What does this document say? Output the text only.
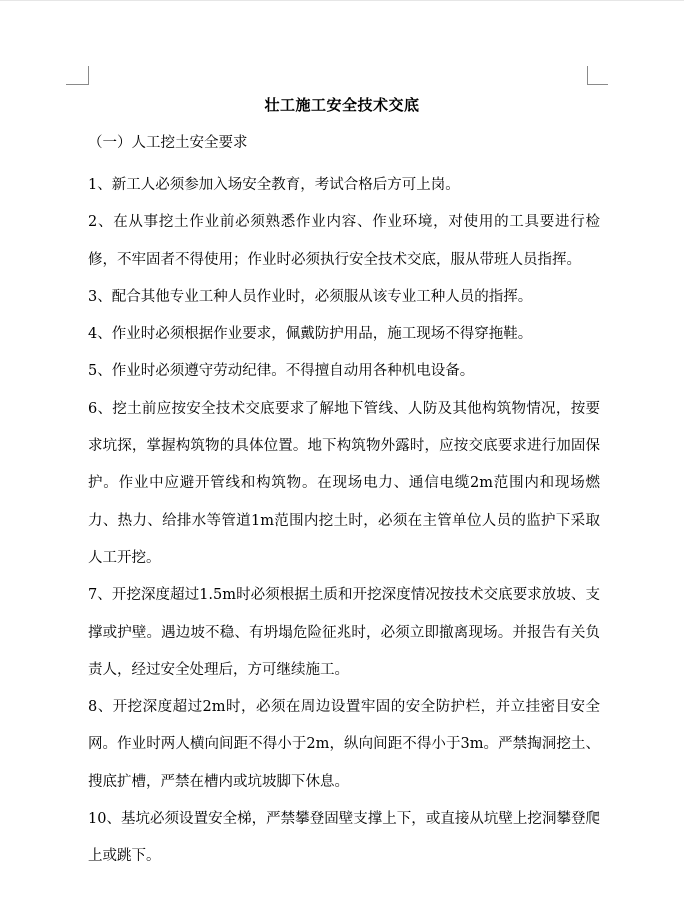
壮工施工安全技术交底

（一）人工挖土安全要求

1、新工人必须参加入场安全教育，考试合格后方可上岗。

2、在从事挖土作业前必须熟悉作业内容、作业环境，对使用的工具要进行检修，不牢固者不得使用；作业时必须执行安全技术交底，服从带班人员指挥。

3、配合其他专业工种人员作业时，必须服从该专业工种人员的指挥。

4、作业时必须根据作业要求，佩戴防护用品，施工现场不得穿拖鞋。

5、作业时必须遵守劳动纪律。不得擅自动用各种机电设备。

6、挖土前应按安全技术交底要求了解地下管线、人防及其他构筑物情况，按要求坑探，掌握构筑物的具体位置。地下构筑物外露时，应按交底要求进行加固保护。作业中应避开管线和构筑物。在现场电力、通信电缆2m范围内和现场燃力、热力、给排水等管道1m范围内挖土时，必须在主管单位人员的监护下采取人工开挖。

7、开挖深度超过1.5m时必须根据土质和开挖深度情况按技术交底要求放坡、支撑或护壁。遇边坡不稳、有坍塌危险征兆时，必须立即撤离现场。并报告有关负责人，经过安全处理后，方可继续施工。

8、开挖深度超过2m时，必须在周边设置牢固的安全防护栏，并立挂密目安全网。作业时两人横向间距不得小于2m，纵向间距不得小于3m。严禁掏洞挖土、搜底扩槽，严禁在槽内或坑坡脚下休息。

10、基坑必须设置安全梯，严禁攀登固壁支撑上下，或直接从坑壁上挖洞攀登爬上或跳下。
